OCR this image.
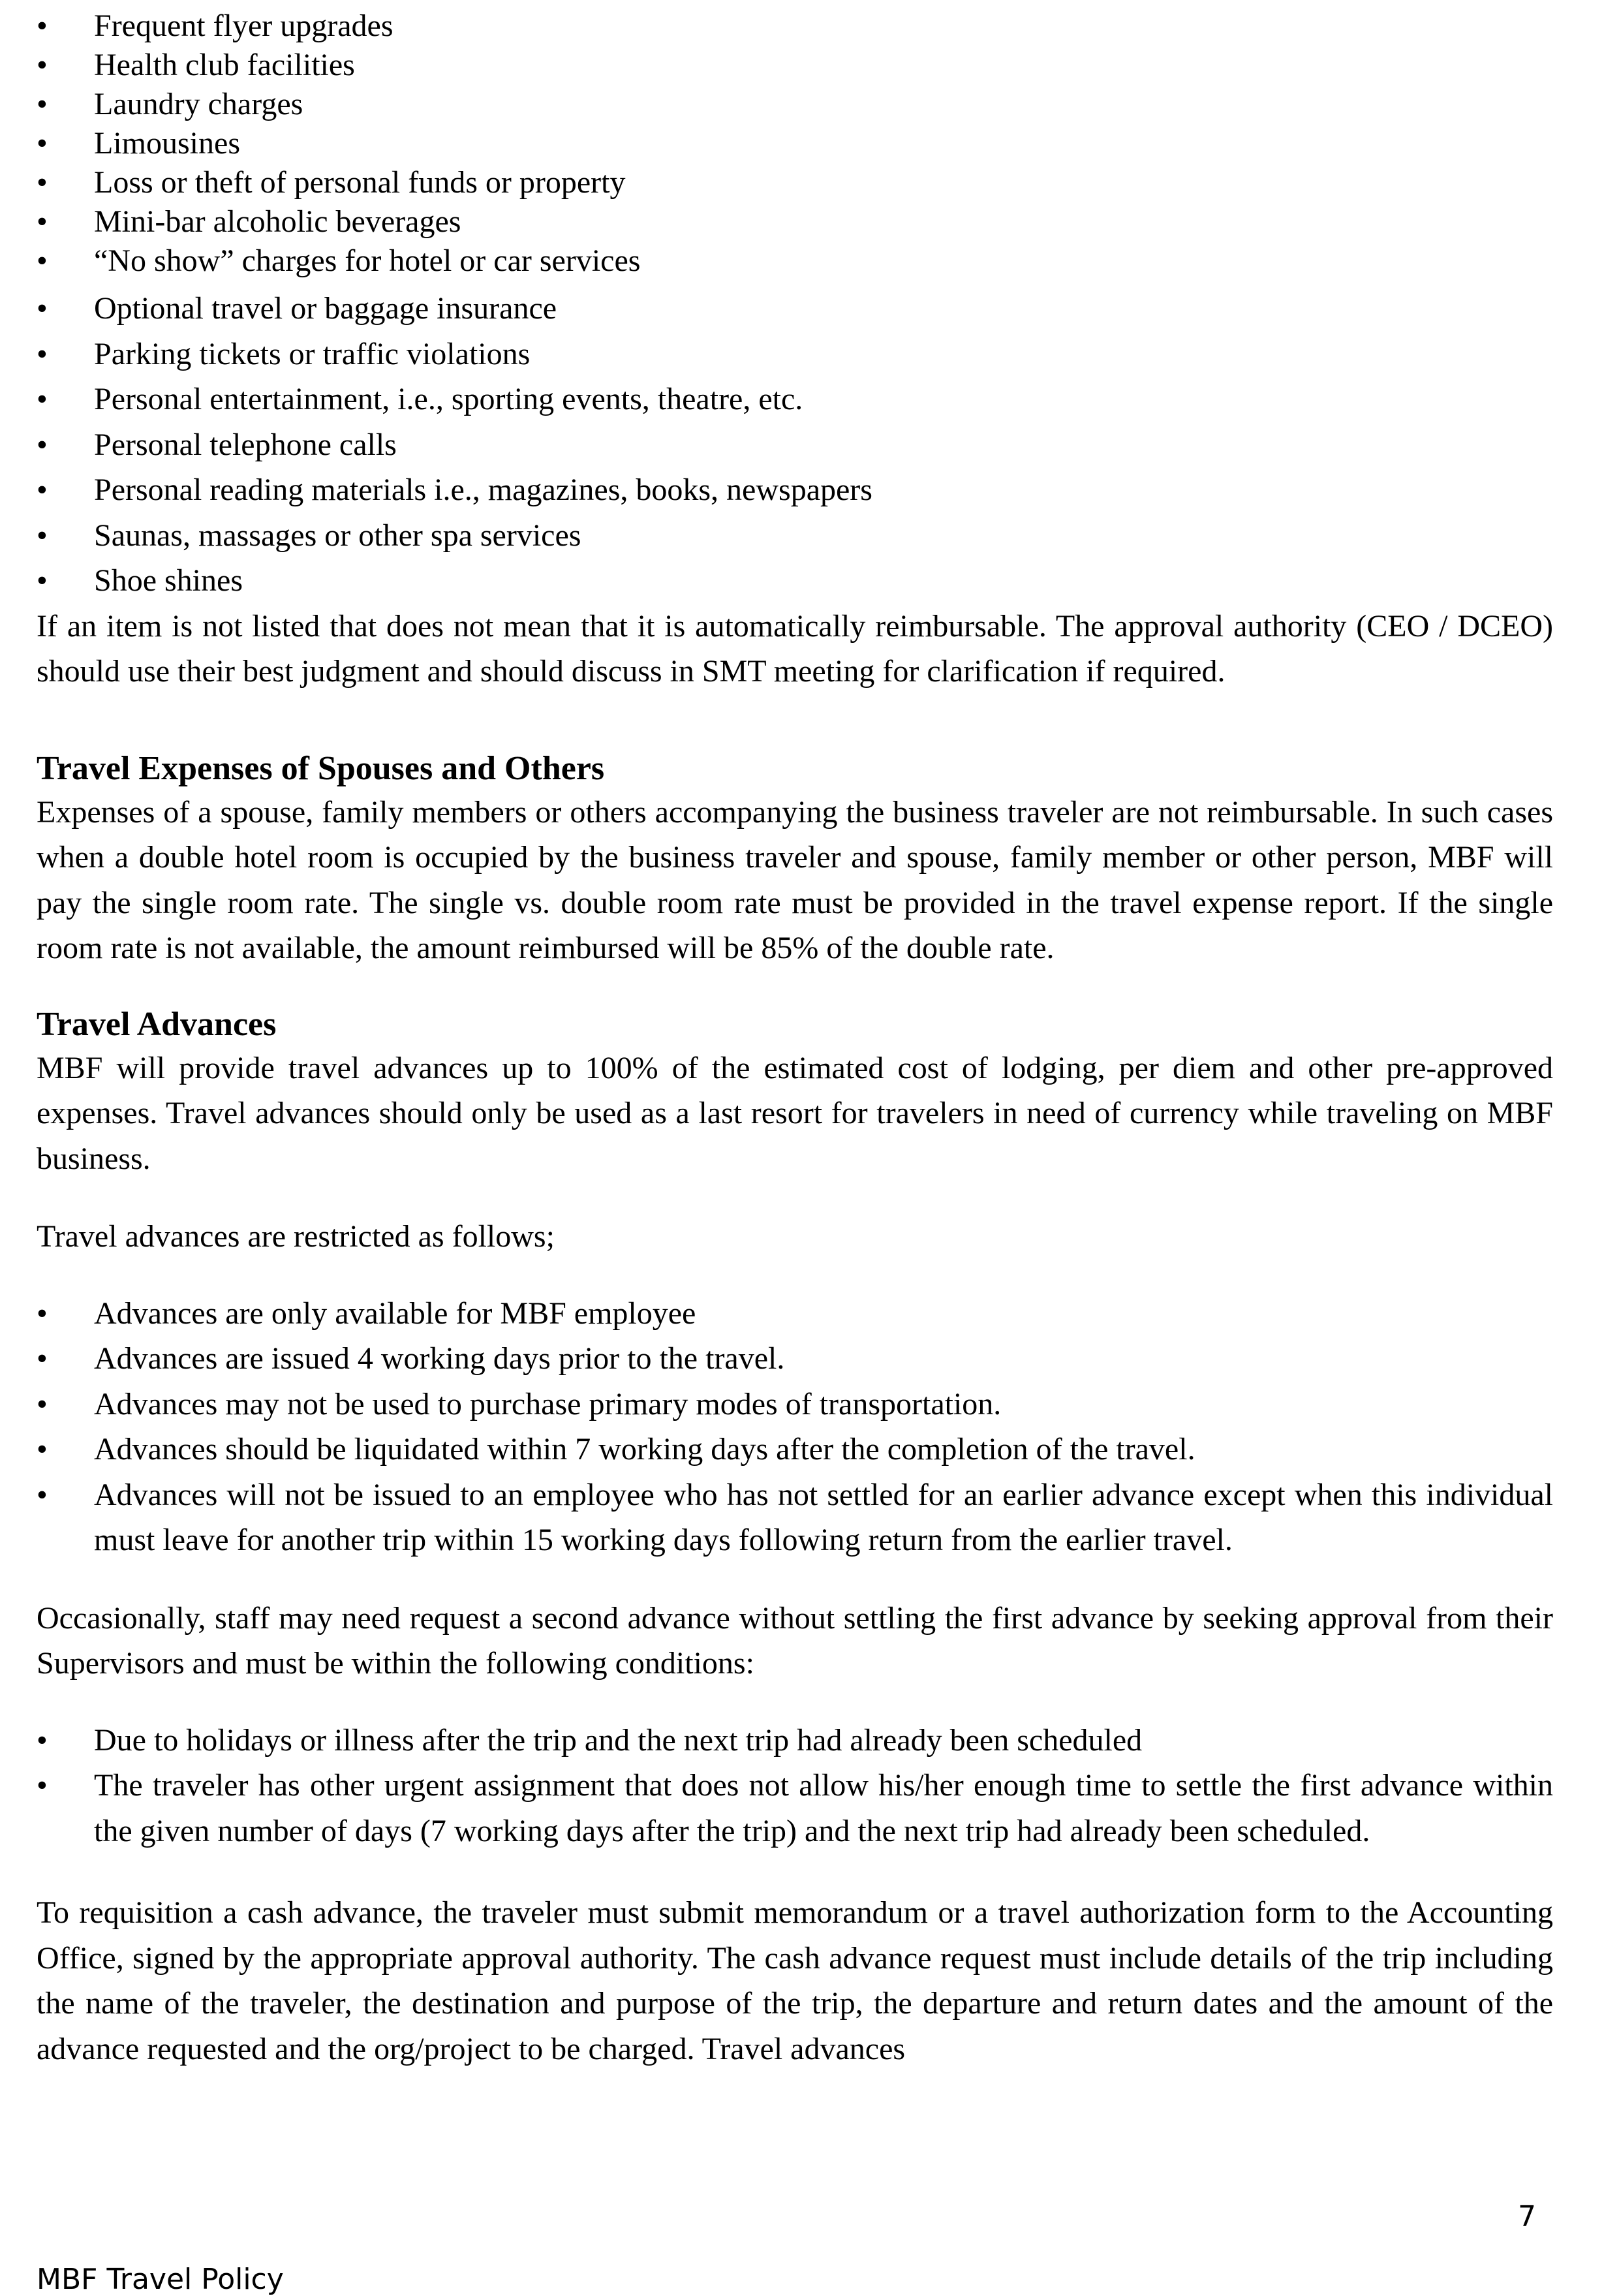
•	Frequent flyer upgrades
•	Health club facilities
•	Laundry charges
•	Limousines
•	Loss or theft of personal funds or property
•	Mini-bar alcoholic beverages
•	“No show” charges for hotel or car services
•	Optional travel or baggage insurance
•	Parking tickets or traffic violations
•	Personal entertainment, i.e., sporting events, theatre, etc.
•	Personal telephone calls
•	Personal reading materials i.e., magazines, books, newspapers
•	Saunas, massages or other spa services
•	Shoe shines

If an item is not listed that does not mean that it is automatically reimbursable. The approval authority (CEO / DCEO) should use their best judgment and should discuss in SMT meeting for clarification if required.

Travel Expenses of Spouses and Others

Expenses of a spouse, family members or others accompanying the business traveler are not reimbursable. In such cases when a double hotel room is occupied by the business traveler and spouse, family member or other person, MBF will pay the single room rate. The single vs. double room rate must be provided in the travel expense report. If the single room rate is not available, the amount reimbursed will be 85% of the double rate.

Travel Advances

MBF will provide travel advances up to 100% of the estimated cost of lodging, per diem and other pre-approved expenses. Travel advances should only be used as a last resort for travelers in need of currency while traveling on MBF business.

Travel advances are restricted as follows;

•	Advances are only available for MBF employee
•	Advances are issued 4 working days prior to the travel.
•	Advances may not be used to purchase primary modes of transportation.
•	Advances should be liquidated within 7 working days after the completion of the travel.
•	Advances will not be issued to an employee who has not settled for an earlier advance except when this individual must leave for another trip within 15 working days following return from the earlier travel.

Occasionally, staff may need request a second advance without settling the first advance by seeking approval from their Supervisors and must be within the following conditions:

•	Due to holidays or illness after the trip and the next trip had already been scheduled
•	The traveler has other urgent assignment that does not allow his/her enough time to settle the first advance within the given number of days (7 working days after the trip) and the next trip had already been scheduled.

To requisition a cash advance, the traveler must submit memorandum or a travel authorization form to the Accounting Office, signed by the appropriate approval authority. The cash advance request must include details of the trip including the name of the traveler, the destination and purpose of the trip, the departure and return dates and the amount of the advance requested and the org/project to be charged. Travel advances

7
MBF Travel Policy
